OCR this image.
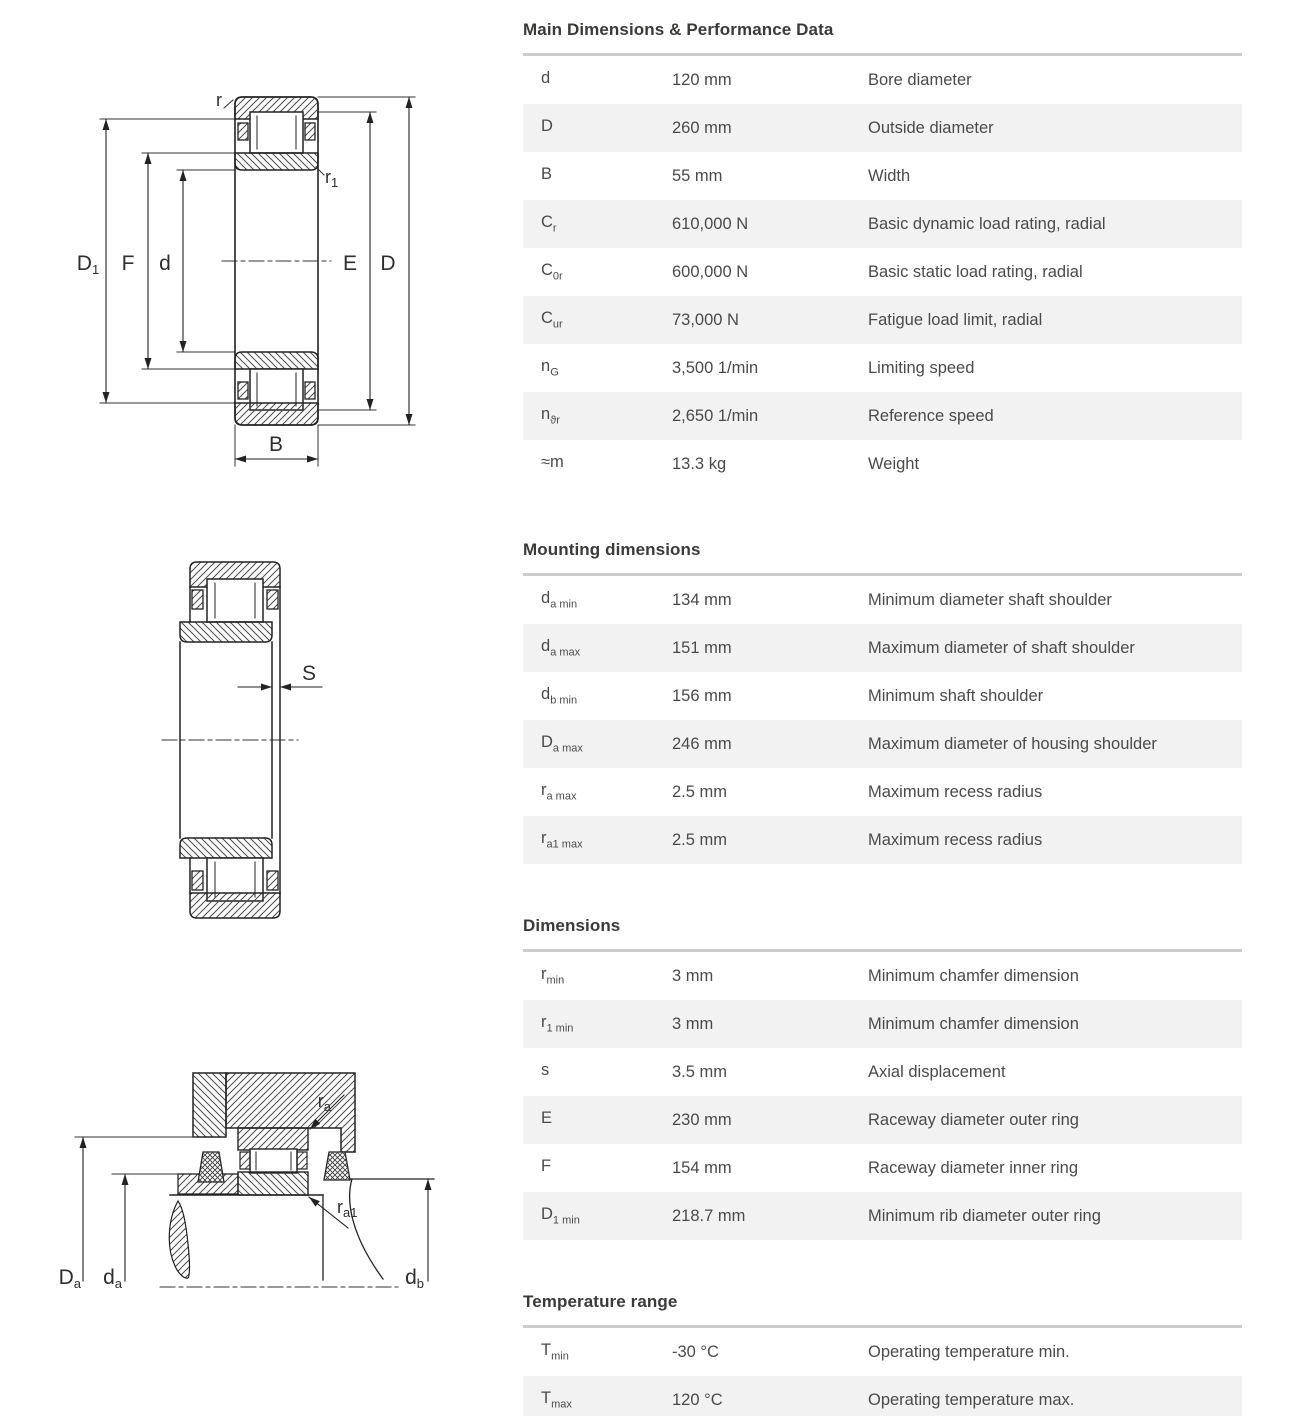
D1 F d	E D
B
r
$r_1$
S
$r_a$
$r_{a1}$
Da da	db
Main Dimensions & Performance Data
d	120 mm	Bore diameter
D	260 mm	Outside diameter
B	55 mm	Width
$C_r$	610,000 N	Basic dynamic load rating, radial
$C_{0r}$	600,000 N	Basic static load rating, radial
$C_{ur}$	73,000 N	Fatigue load limit, radial
$n_G$	3,500 1/min	Limiting speed
$n_{ϑr}$	2,650 1/min	Reference speed
≈m	13.3 kg	Weight
Mounting dimensions
$d_{a min}$	134 mm	Minimum diameter shaft shoulder
$d_{a max}$	151 mm	Maximum diameter of shaft shoulder
$d_{b min}$	156 mm	Minimum shaft shoulder
$D_{a max}$	246 mm	Maximum diameter of housing shoulder
$r_{a max}$	2.5 mm	Maximum recess radius
$r_{a1 max}$	2.5 mm	Maximum recess radius
Dimensions
$r_{min}$	3 mm	Minimum chamfer dimension
$r_{1 min}$	3 mm	Minimum chamfer dimension
s	3.5 mm	Axial displacement
E	230 mm	Raceway diameter outer ring
F	154 mm	Raceway diameter inner ring
$D_{1 min}$	218.7 mm	Minimum rib diameter outer ring
Temperature range
$T_{min}$	-30 °C	Operating temperature min.
$T_{max}$	120 °C	Operating temperature max.
